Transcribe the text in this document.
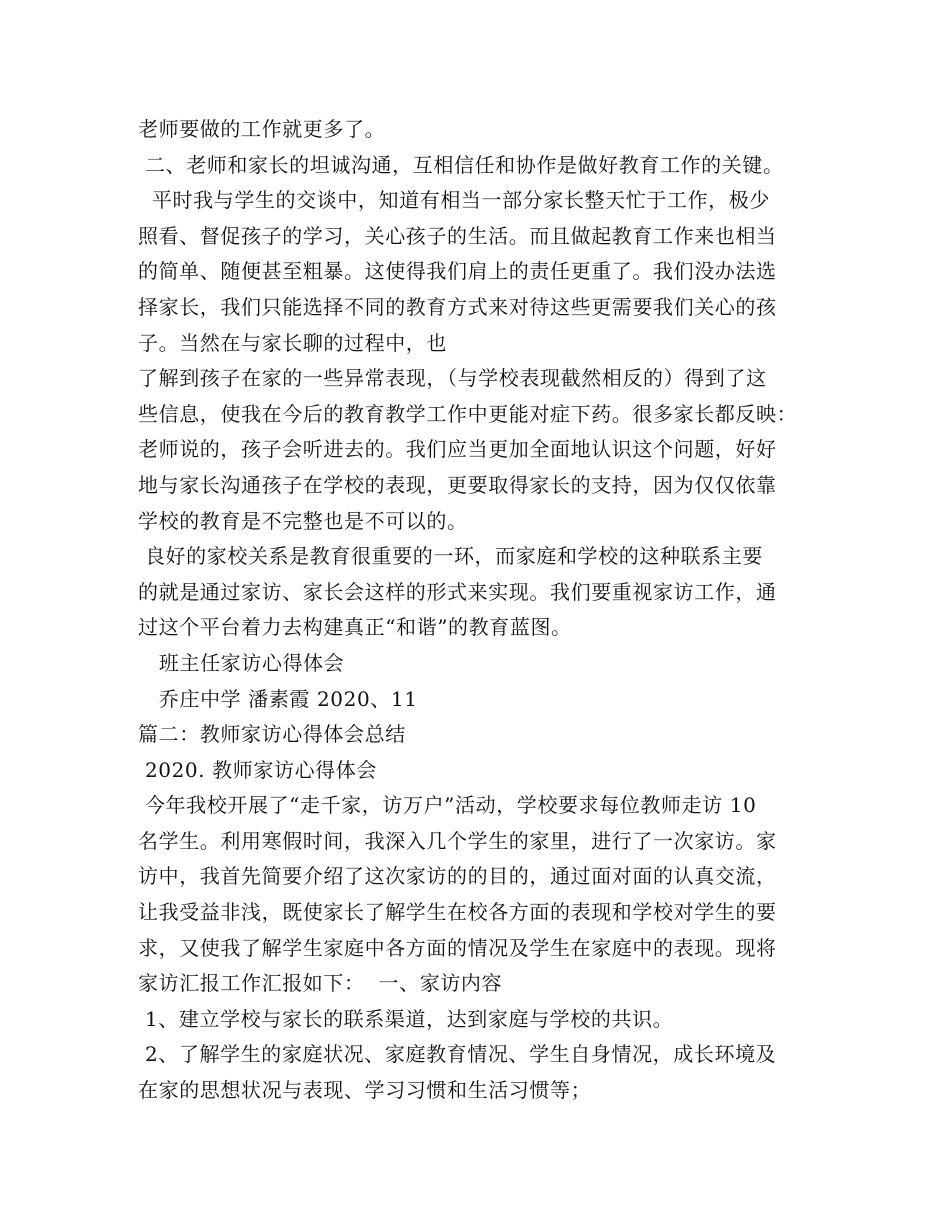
老师要做的工作就更多了。
二、老师和家长的坦诚沟通，互相信任和协作是做好教育工作的关键。
平时我与学生的交谈中，知道有相当一部分家长整天忙于工作，极少
照看、督促孩子的学习，关心孩子的生活。而且做起教育工作来也相当
的简单、随便甚至粗暴。这使得我们肩上的责任更重了。我们没办法选
择家长，我们只能选择不同的教育方式来对待这些更需要我们关心的孩
子。当然在与家长聊的过程中，也
了解到孩子在家的一些异常表现，（与学校表现截然相反的）得到了这
些信息，使我在今后的教育教学工作中更能对症下药。很多家长都反映：
老师说的，孩子会听进去的。我们应当更加全面地认识这个问题，好好
地与家长沟通孩子在学校的表现，更要取得家长的支持，因为仅仅依靠
学校的教育是不完整也是不可以的。
良好的家校关系是教育很重要的一环，而家庭和学校的这种联系主要
的就是通过家访、家长会这样的形式来实现。我们要重视家访工作，通
过这个平台着力去构建真正“和谐”的教育蓝图。
班主任家访心得体会
乔庄中学 潘素霞 2020、11
篇二：教师家访心得体会总结
2020. 教师家访心得体会
今年我校开展了“走千家，访万户”活动，学校要求每位教师走访 10
名学生。利用寒假时间，我深入几个学生的家里，进行了一次家访。家
访中，我首先简要介绍了这次家访的的目的，通过面对面的认真交流，
让我受益非浅，既使家长了解学生在校各方面的表现和学校对学生的要
求，又使我了解学生家庭中各方面的情况及学生在家庭中的表现。现将
家访汇报工作汇报如下：  一、家访内容
1、建立学校与家长的联系渠道，达到家庭与学校的共识。
2、了解学生的家庭状况、家庭教育情况、学生自身情况，成长环境及
在家的思想状况与表现、学习习惯和生活习惯等；
